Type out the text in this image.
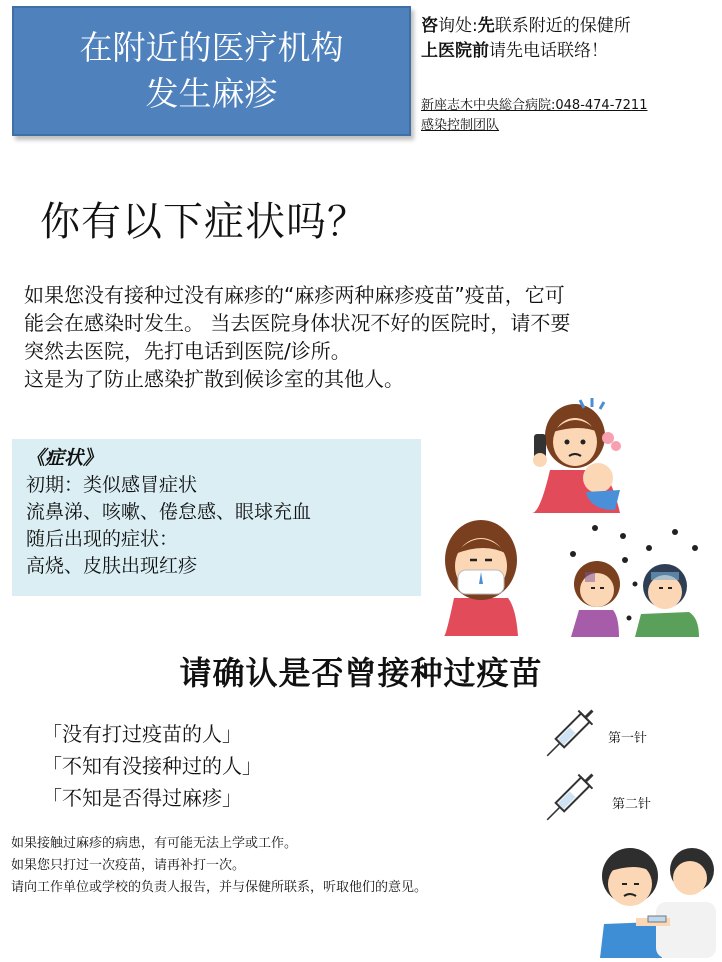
在附近的医疗机构
发生麻疹
咨询处:先联系附近的保健所
上医院前请先电话联络！
新座志木中央総合病院:048-474-7211
感染控制团队
你有以下症状吗？
如果您没有接种过没有麻疹的“麻疹两种麻疹疫苗”疫苗，它可
能会在感染时发生。 当去医院身体状况不好的医院时，请不要
突然去医院，先打电话到医院/诊所。
这是为了防止感染扩散到候诊室的其他人。
《症状》
初期：类似感冒症状
流鼻涕、咳嗽、倦怠感、眼球充血
随后出现的症状：
高烧、皮肤出现红疹
请确认是否曾接种过疫苗
「没有打过疫苗的人」
「不知有没接种过的人」
「不知是否得过麻疹」
第一针
第二针
如果接触过麻疹的病患，有可能无法上学或工作。
如果您只打过一次疫苗，请再补打一次。
请向工作单位或学校的负责人报告，并与保健所联系，听取他们的意见。
